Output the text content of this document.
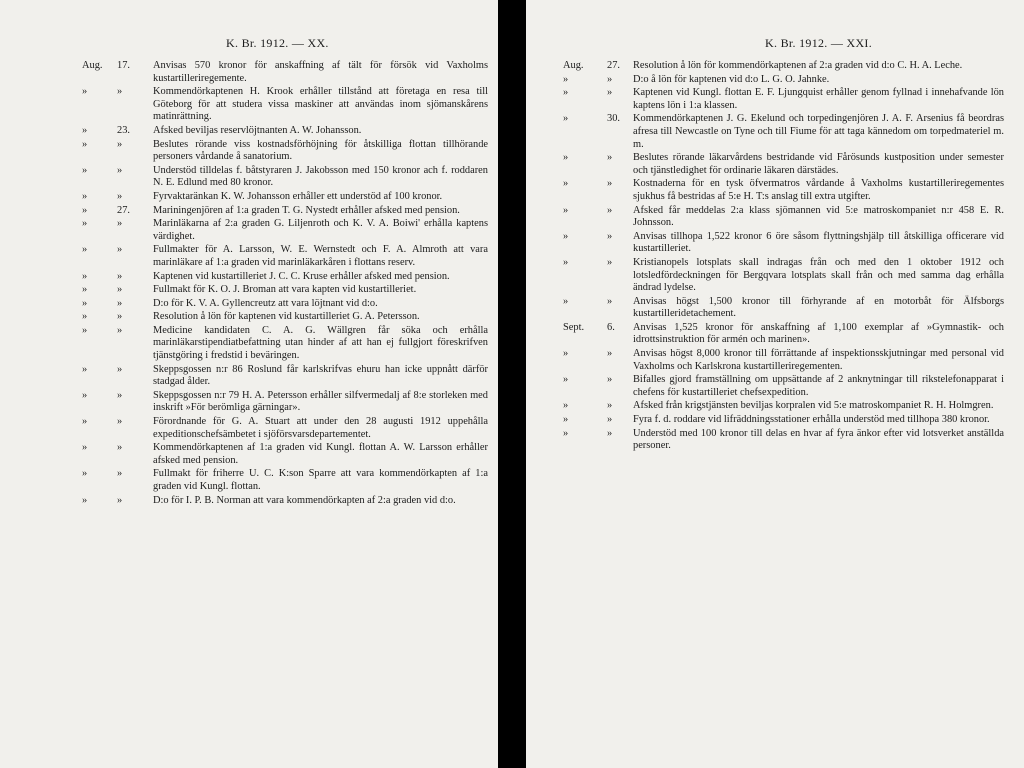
K. Br. 1912. — XX.
Aug.	17.	Anvisas 570 kronor för anskaffning af tält för försök vid Vaxholms kustartilleriregemente.
»	»	Kommendörkaptenen H. Krook erhåller tillstånd att företaga en resa till Göteborg för att studera vissa maskiner att användas inom sjömanskårens matinrättning.
»	23.	Afsked beviljas reservlöjtnanten A. W. Johansson.
»	»	Beslutes rörande viss kostnadsförhöjning för åtskilliga flottan tillhörande personers vårdande å sanatorium.
»	»	Understöd tilldelas f. båtstyraren J. Jakobsson med 150 kronor ach f. roddaren N. E. Edlund med 80 kronor.
»	»	Fyrvaktaränkan K. W. Johansson erhåller ett understöd af 100 kronor.
»	27.	Mariningenjören af 1:a graden T. G. Nystedt erhåller afsked med pension.
»	»	Marinläkarna af 2:a graden G. Liljenroth och K. V. A. Boiwi' erhålla kaptens värdighet.
»	»	Fullmakter för A. Larsson, W. E. Wernstedt och F. A. Almroth att vara marinläkare af 1:a graden vid marinläkarkåren i flottans reserv.
»	»	Kaptenen vid kustartilleriet J. C. C. Kruse erhåller afsked med pension.
»	»	Fullmakt för K. O. J. Broman att vara kapten vid kustartilleriet.
»	»	D:o för K. V. A. Gyllencreutz att vara löjtnant vid d:o.
»	»	Resolution å lön för kaptenen vid kustartilleriet G. A. Petersson.
»	»	Medicine kandidaten C. A. G. Wällgren får söka och erhålla marinläkarstipendiatbefattning utan hinder af att han ej fullgjort föreskrifven tjänstgöring i fredstid i beväringen.
»	»	Skeppsgossen n:r 86 Roslund får karlskrifvas ehuru han icke uppnått därför stadgad ålder.
»	»	Skeppsgossen n:r 79 H. A. Petersson erhåller silfvermedalj af 8:e storleken med inskrift »För berömliga gärningar».
»	»	Förordnande för G. A. Stuart att under den 28 augusti 1912 uppehålla expeditionschefsämbetet i sjöförsvarsdepartementet.
»	»	Kommendörkaptenen af 1:a graden vid Kungl. flottan A. W. Larsson erhåller afsked med pension.
»	»	Fullmakt för friherre U. C. K:son Sparre att vara kommendörkapten af 1:a graden vid Kungl. flottan.
»	»	D:o för I. P. B. Norman att vara kommendörkapten af 2:a graden vid d:o.
K. Br. 1912. — XXI.
Aug.	27.	Resolution å lön för kommendörkaptenen af 2:a graden vid d:o C. H. A. Leche.
»	»	D:o å lön för kaptenen vid d:o L. G. O. Jahnke.
»	»	Kaptenen vid Kungl. flottan E. F. Ljungquist erhåller genom fyllnad i innehafvande lön kaptens lön i 1:a klassen.
»	30.	Kommendörkaptenen J. G. Ekelund och torpedingenjören J. A. F. Arsenius få beordras afresa till Newcastle on Tyne och till Fiume för att taga kännedom om torpedmateriel m. m.
»	»	Beslutes rörande läkarvårdens bestridande vid Fårösunds kustposition under semester och tjänstledighet för ordinarie läkaren därstädes.
»	»	Kostnaderna för en tysk öfvermatros vårdande å Vaxholms kustartilleriregementes sjukhus få bestridas af 5:e H. T:s anslag till extra utgifter.
»	»	Afsked får meddelas 2:a klass sjömannen vid 5:e matroskompaniet n:r 458 E. R. Johnsson.
»	»	Anvisas tillhopa 1,522 kronor 6 öre såsom flyttningshjälp till åtskilliga officerare vid kustartilleriet.
»	»	Kristianopels lotsplats skall indragas från och med den 1 oktober 1912 och lotsledfördeckningen för Bergqvara lotsplats skall från och med samma dag erhålla ändrad lydelse.
»	»	Anvisas högst 1,500 kronor till förhyrande af en motorbåt för Älfsborgs kustartilleridetachement.
Sept.	6.	Anvisas 1,525 kronor för anskaffning af 1,100 exemplar af »Gymnastik- och idrottsinstruktion för armén och marinen».
»	»	Anvisas högst 8,000 kronor till förrättande af inspektionsskjutningar med personal vid Vaxholms och Karlskrona kustartilleriregementen.
»	»	Bifalles gjord framställning om uppsättande af 2 anknytningar till rikstelefonapparat i chefens för kustartilleriet chefsexpedition.
»	»	Afsked från krigstjänsten beviljas korpralen vid 5:e matroskompaniet R. H. Holmgren.
»	»	Fyra f. d. roddare vid lifräddningsstationer erhålla understöd med tillhopa 380 kronor.
»	»	Understöd med 100 kronor till delas en hvar af fyra änkor efter vid lotsverket anställda personer.
